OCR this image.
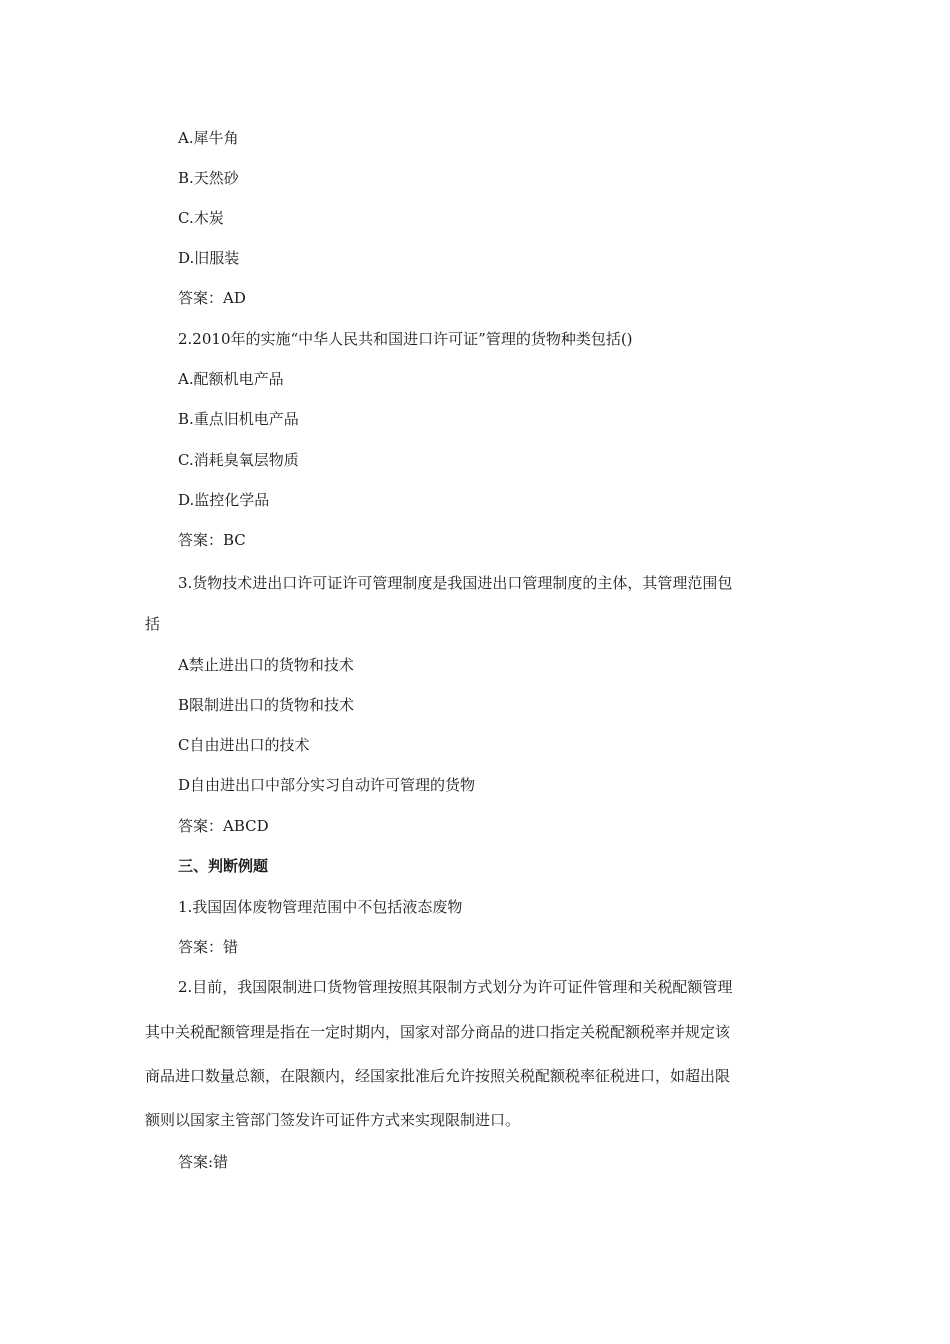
A.犀牛角
B.天然砂
C.木炭
D.旧服装
答案：AD
2.2010年的实施“中华人民共和国进口许可证”管理的货物种类包括()
A.配额机电产品
B.重点旧机电产品
C.消耗臭氧层物质
D.监控化学品
答案：BC
3.货物技术进出口许可证许可管理制度是我国进出口管理制度的主体，其管理范围包
括
A禁止进出口的货物和技术
B限制进出口的货物和技术
C自由进出口的技术
D自由进出口中部分实习自动许可管理的货物
答案：ABCD
三、判断例题
1.我国固体废物管理范围中不包括液态废物
答案：错
2.目前，我国限制进口货物管理按照其限制方式划分为许可证件管理和关税配额管理
其中关税配额管理是指在一定时期内，国家对部分商品的进口指定关税配额税率并规定该
商品进口数量总额，在限额内，经国家批准后允许按照关税配额税率征税进口，如超出限
额则以国家主管部门签发许可证件方式来实现限制进口。
答案:错
